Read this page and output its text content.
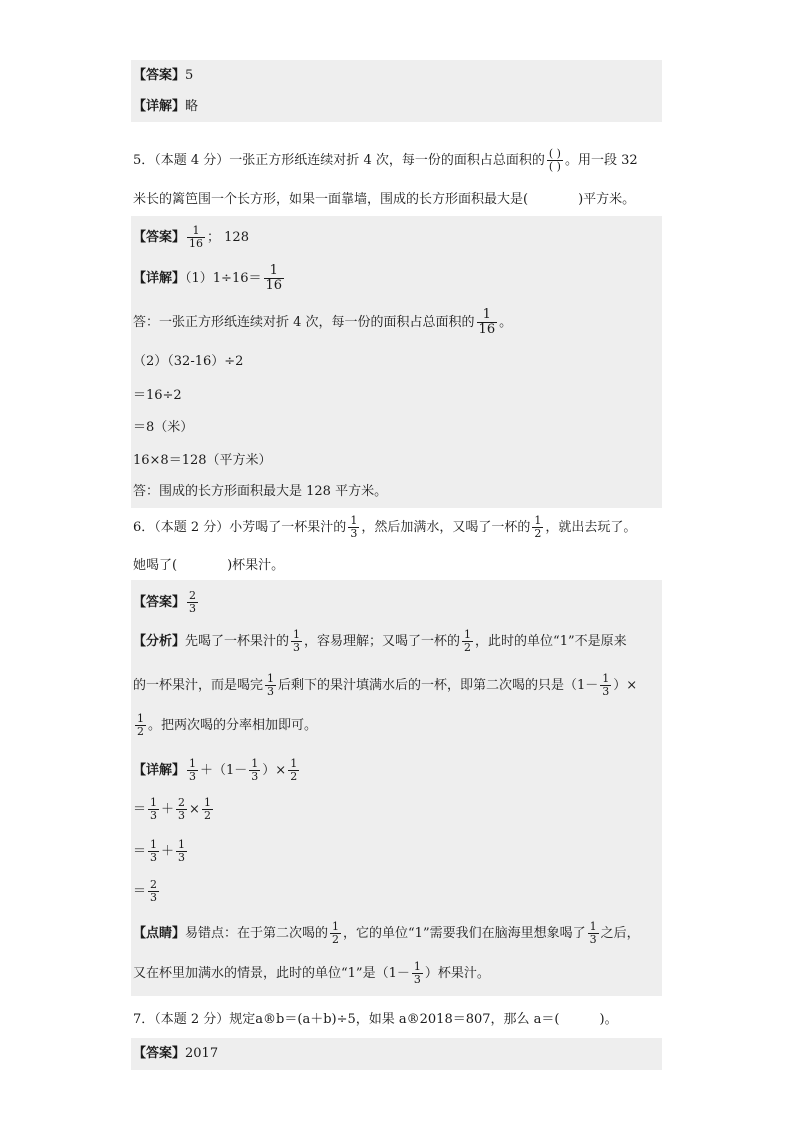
【答案】5
【详解】略
5．（本题 4 分）一张正方形纸连续对折 4 次，每一份的面积占总面积的 $\frac{( )}{( )}$ 。用一段 32
米长的篱笆围一个长方形，如果一面靠墙，围成的长方形面积最大是(	)平方米。
【答案】 $\frac{1}{16}$ ； 128
【详解】$(1)1\div 16= \frac{1}{16}$
答：一张正方形纸连续对折 4 次，每一份的面积占总面积的 $\frac{1}{16}$ 。
（2）（32-16）÷2
＝16÷2
＝8（米）
16×8＝128（平方米）
答：围成的长方形面积最大是 128 平方米。
6．（本题 2 分）小芳喝了一杯果汁的 $\frac{1}{3}$ ，然后加满水，又喝了一杯的 $\frac{1}{2}$ ，就出去玩了。
她喝了(	)杯果汁。
【答案】 $\frac{2}{3}$
【分析】先喝了一杯果汁的 $\frac{1}{3}$ ，容易理解；又喝了一杯的 $\frac{1}{2}$ ，此时的单位“1”不是原来
的一杯果汁，而是喝完 $\frac{1}{3}$ 后剩下的果汁填满水后的一杯，即第二次喝的只是（$1- \frac{1}{3}$ ）×
$\frac{1}{2}$ 。把两次喝的分率相加即可。
【详解】 $\frac{1}{3} +(1- \frac{1}{3}$ ）× $\frac{1}{2}$
＝ $\frac{1}{3} + \frac{2}{3} \times \frac{1}{2}$
＝ $\frac{1}{3} + \frac{1}{3}$
＝ $\frac{2}{3}$
【点睛】易错点：在于第二次喝的 $\frac{1}{2}$ ，它的单位“1”需要我们在脑海里想象喝了 $\frac{1}{3}$ 之后，
又在杯里加满水的情景，此时的单位“1”是（$1- \frac{1}{3}$ ）杯果汁。
7．（本题 2 分）规定a®b＝(a＋b)÷5，如果 a®2018＝807，那么 a＝(	)。
【答案】2017
